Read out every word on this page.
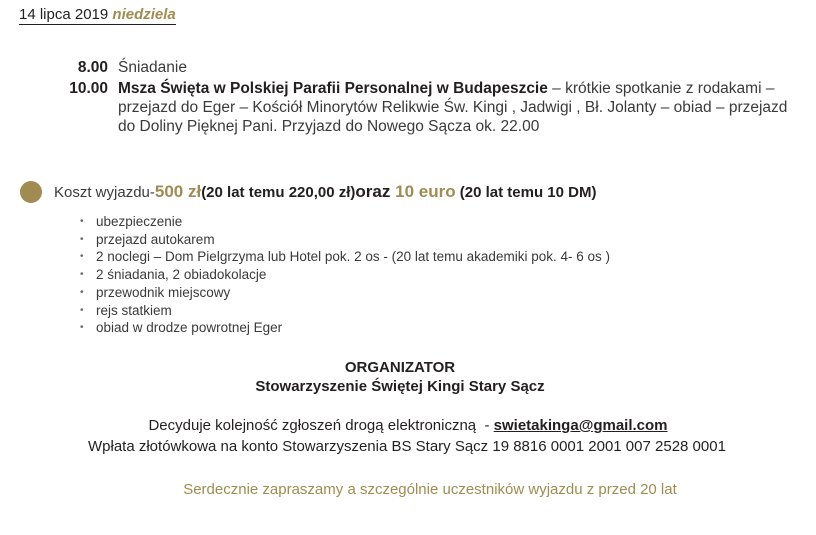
14 lipca 2019 niedziela
8.00 Śniadanie
10.00 Msza Święta w Polskiej Parafii Personalnej w Budapeszcie – krótkie spotkanie z rodakami – przejazd do Eger – Kościół Minorytów Relikwie Św. Kingi , Jadwigi , Bł. Jolanty – obiad – przejazd do Doliny Pięknej Pani. Przyjazd do Nowego Sącza ok. 22.00
Koszt wyjazdu- 500 zł (20 lat temu 220,00 zł) oraz 10 euro (20 lat temu 10 DM)
• ubezpieczenie
• przejazd autokarem
• 2 noclegi – Dom Pielgrzyma lub Hotel pok. 2 os - (20 lat temu akademiki pok. 4- 6 os )
• 2 śniadania, 2 obiadokolacje
• przewodnik miejscowy
• rejs statkiem
• obiad w drodze powrotnej Eger
ORGANIZATOR
Stowarzyszenie Świętej Kingi Stary Sącz
Decyduje kolejność zgłoszeń drogą elektroniczną  - swietakinga@gmail.com
Wpłata złotówkowa na konto Stowarzyszenia BS Stary Sącz 19 8816 0001 2001 007 2528 0001
Serdecznie zapraszamy a szczególnie uczestników wyjazdu z przed 20 lat
